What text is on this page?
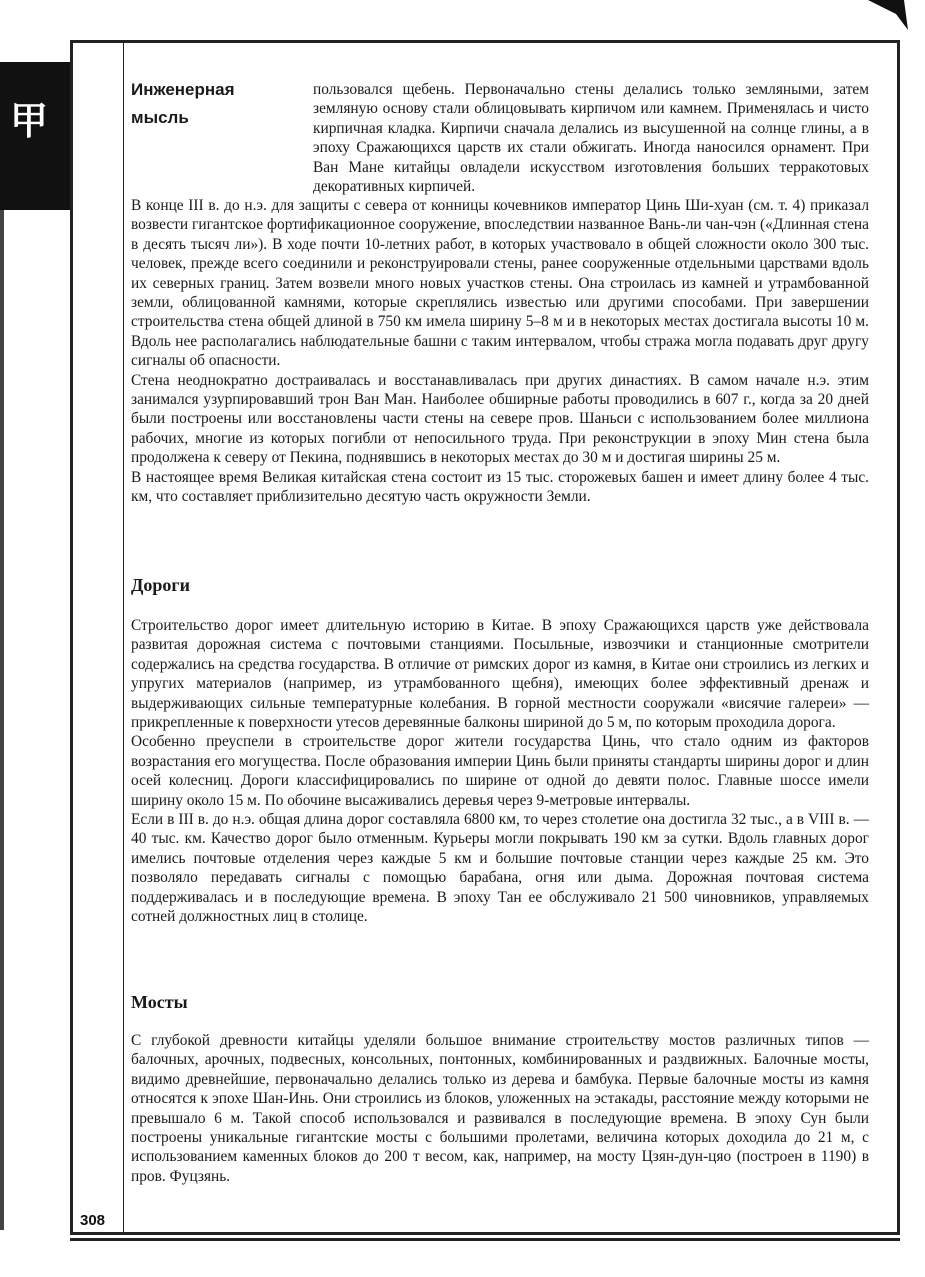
甲
308
Инженерная мысль
пользовался щебень. Первоначально стены делались только земляными, затем земляную основу стали облицовывать кирпичом или камнем. Применялась и чисто кирпичная кладка. Кирпичи сначала делались из высушенной на солнце глины, а в эпоху Сражающихся царств их стали обжигать. Иногда наносился орнамент. При Ван Мане китайцы овладели искусством изготовления больших терракотовых декоративных кирпичей.

В конце III в. до н.э. для защиты с севера от конницы кочевников император Цинь Ши-хуан (см. т. 4) приказал возвести гигантское фортификационное сооружение, впоследствии названное Вань-ли чан-чэн («Длинная стена в десять тысяч ли»). В ходе почти 10-летних работ, в которых участвовало в общей сложности около 300 тыс. человек, прежде всего соединили и реконструировали стены, ранее сооруженные отдельными царствами вдоль их северных границ. Затем возвели много новых участков стены. Она строилась из камней и утрамбованной земли, облицованной камнями, которые скреплялись известью или другими способами. При завершении строительства стена общей длиной в 750 км имела ширину 5–8 м и в некоторых местах достигала высоты 10 м. Вдоль нее располагались наблюдательные башни с таким интервалом, чтобы стража могла подавать друг другу сигналы об опасности.

Стена неоднократно достраивалась и восстанавливалась при других династиях. В самом начале н.э. этим занимался узурпировавший трон Ван Ман. Наиболее обширные работы проводились в 607 г., когда за 20 дней были построены или восстановлены части стены на севере пров. Шаньси с использованием более миллиона рабочих, многие из которых погибли от непосильного труда. При реконструкции в эпоху Мин стена была продолжена к северу от Пекина, поднявшись в некоторых местах до 30 м и достигая ширины 25 м.

В настоящее время Великая китайская стена состоит из 15 тыс. сторожевых башен и имеет длину более 4 тыс. км, что составляет приблизительно десятую часть окружности Земли.

Дороги

Строительство дорог имеет длительную историю в Китае. В эпоху Сражающихся царств уже действовала развитая дорожная система с почтовыми станциями. Посыльные, извозчики и станционные смотрители содержались на средства государства. В отличие от римских дорог из камня, в Китае они строились из легких и упругих материалов (например, из утрамбованного щебня), имеющих более эффективный дренаж и выдерживающих сильные температурные колебания. В горной местности сооружали «висячие галереи» — прикрепленные к поверхности утесов деревянные балконы шириной до 5 м, по которым проходила дорога.

Особенно преуспели в строительстве дорог жители государства Цинь, что стало одним из факторов возрастания его могущества. После образования империи Цинь были приняты стандарты ширины дорог и длин осей колесниц. Дороги классифицировались по ширине от одной до девяти полос. Главные шоссе имели ширину около 15 м. По обочине высаживались деревья через 9-метровые интервалы.

Если в III в. до н.э. общая длина дорог составляла 6800 км, то через столетие она достигла 32 тыс., а в VIII в. — 40 тыс. км. Качество дорог было отменным. Курьеры могли покрывать 190 км за сутки. Вдоль главных дорог имелись почтовые отделения через каждые 5 км и большие почтовые станции через каждые 25 км. Это позволяло передавать сигналы с помощью барабана, огня или дыма. Дорожная почтовая система поддерживалась и в последующие времена. В эпоху Тан ее обслуживало 21 500 чиновников, управляемых сотней должностных лиц в столице.

Мосты

С глубокой древности китайцы уделяли большое внимание строительству мостов различных типов — балочных, арочных, подвесных, консольных, понтонных, комбинированных и раздвижных. Балочные мосты, видимо древнейшие, первоначально делались только из дерева и бамбука. Первые балочные мосты из камня относятся к эпохе Шан-Инь. Они строились из блоков, уложенных на эстакады, расстояние между которыми не превышало 6 м. Такой способ использовался и развивался в последующие времена. В эпоху Сун были построены уникальные гигантские мосты с большими пролетами, величина которых доходила до 21 м, с использованием каменных блоков до 200 т весом, как, например, на мосту Цзян-дун-цяо (построен в 1190) в пров. Фуцзянь.
